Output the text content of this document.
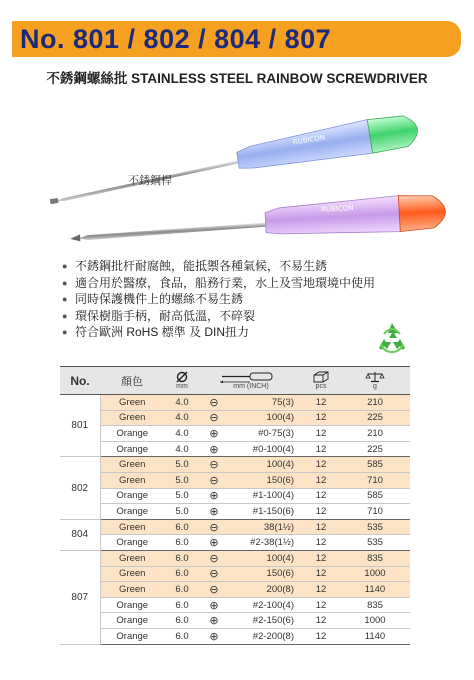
No. 801 / 802 / 804 / 807
不銹鋼螺絲批 STAINLESS STEEL RAINBOW SCREWDRIVER
RUBICON
RUBICON
不銹鋼桿
● 不銹鋼批杆耐腐蝕，能抵禦各種氣候，不易生銹
● 適合用於醫療，食品，船務行業，水上及雪地環境中使用
● 同時保護機件上的螺絲不易生銹
● 環保樹脂手柄，耐高低溫，不碎裂
● 符合歐洲 RoHS 標準 及 DIN扭力
No.	顏色	mm	mm (INCH)		pcs	g

801	Green	4.0	⊖	75(3)	12	210
	Green	4.0	⊖	100(4)	12	225
	Orange	4.0	⊕	#0-75(3)	12	210
	Orange	4.0	⊕	#0-100(4)	12	225
802	Green	5.0	⊖	100(4)	12	585
	Green	5.0	⊖	150(6)	12	710
	Orange	5.0	⊕	#1-100(4)	12	585
	Orange	5.0	⊕	#1-150(6)	12	710
804	Green	6.0	⊖	38(1½)	12	535
	Orange	6.0	⊕	#2-38(1½)	12	535
807	Green	6.0	⊖	100(4)	12	835
	Green	6.0	⊖	150(6)	12	1000
	Green	6.0	⊖	200(8)	12	1140
	Orange	6.0	⊕	#2-100(4)	12	835
	Orange	6.0	⊕	#2-150(6)	12	1000
	Orange	6.0	⊕	#2-200(8)	12	1140
